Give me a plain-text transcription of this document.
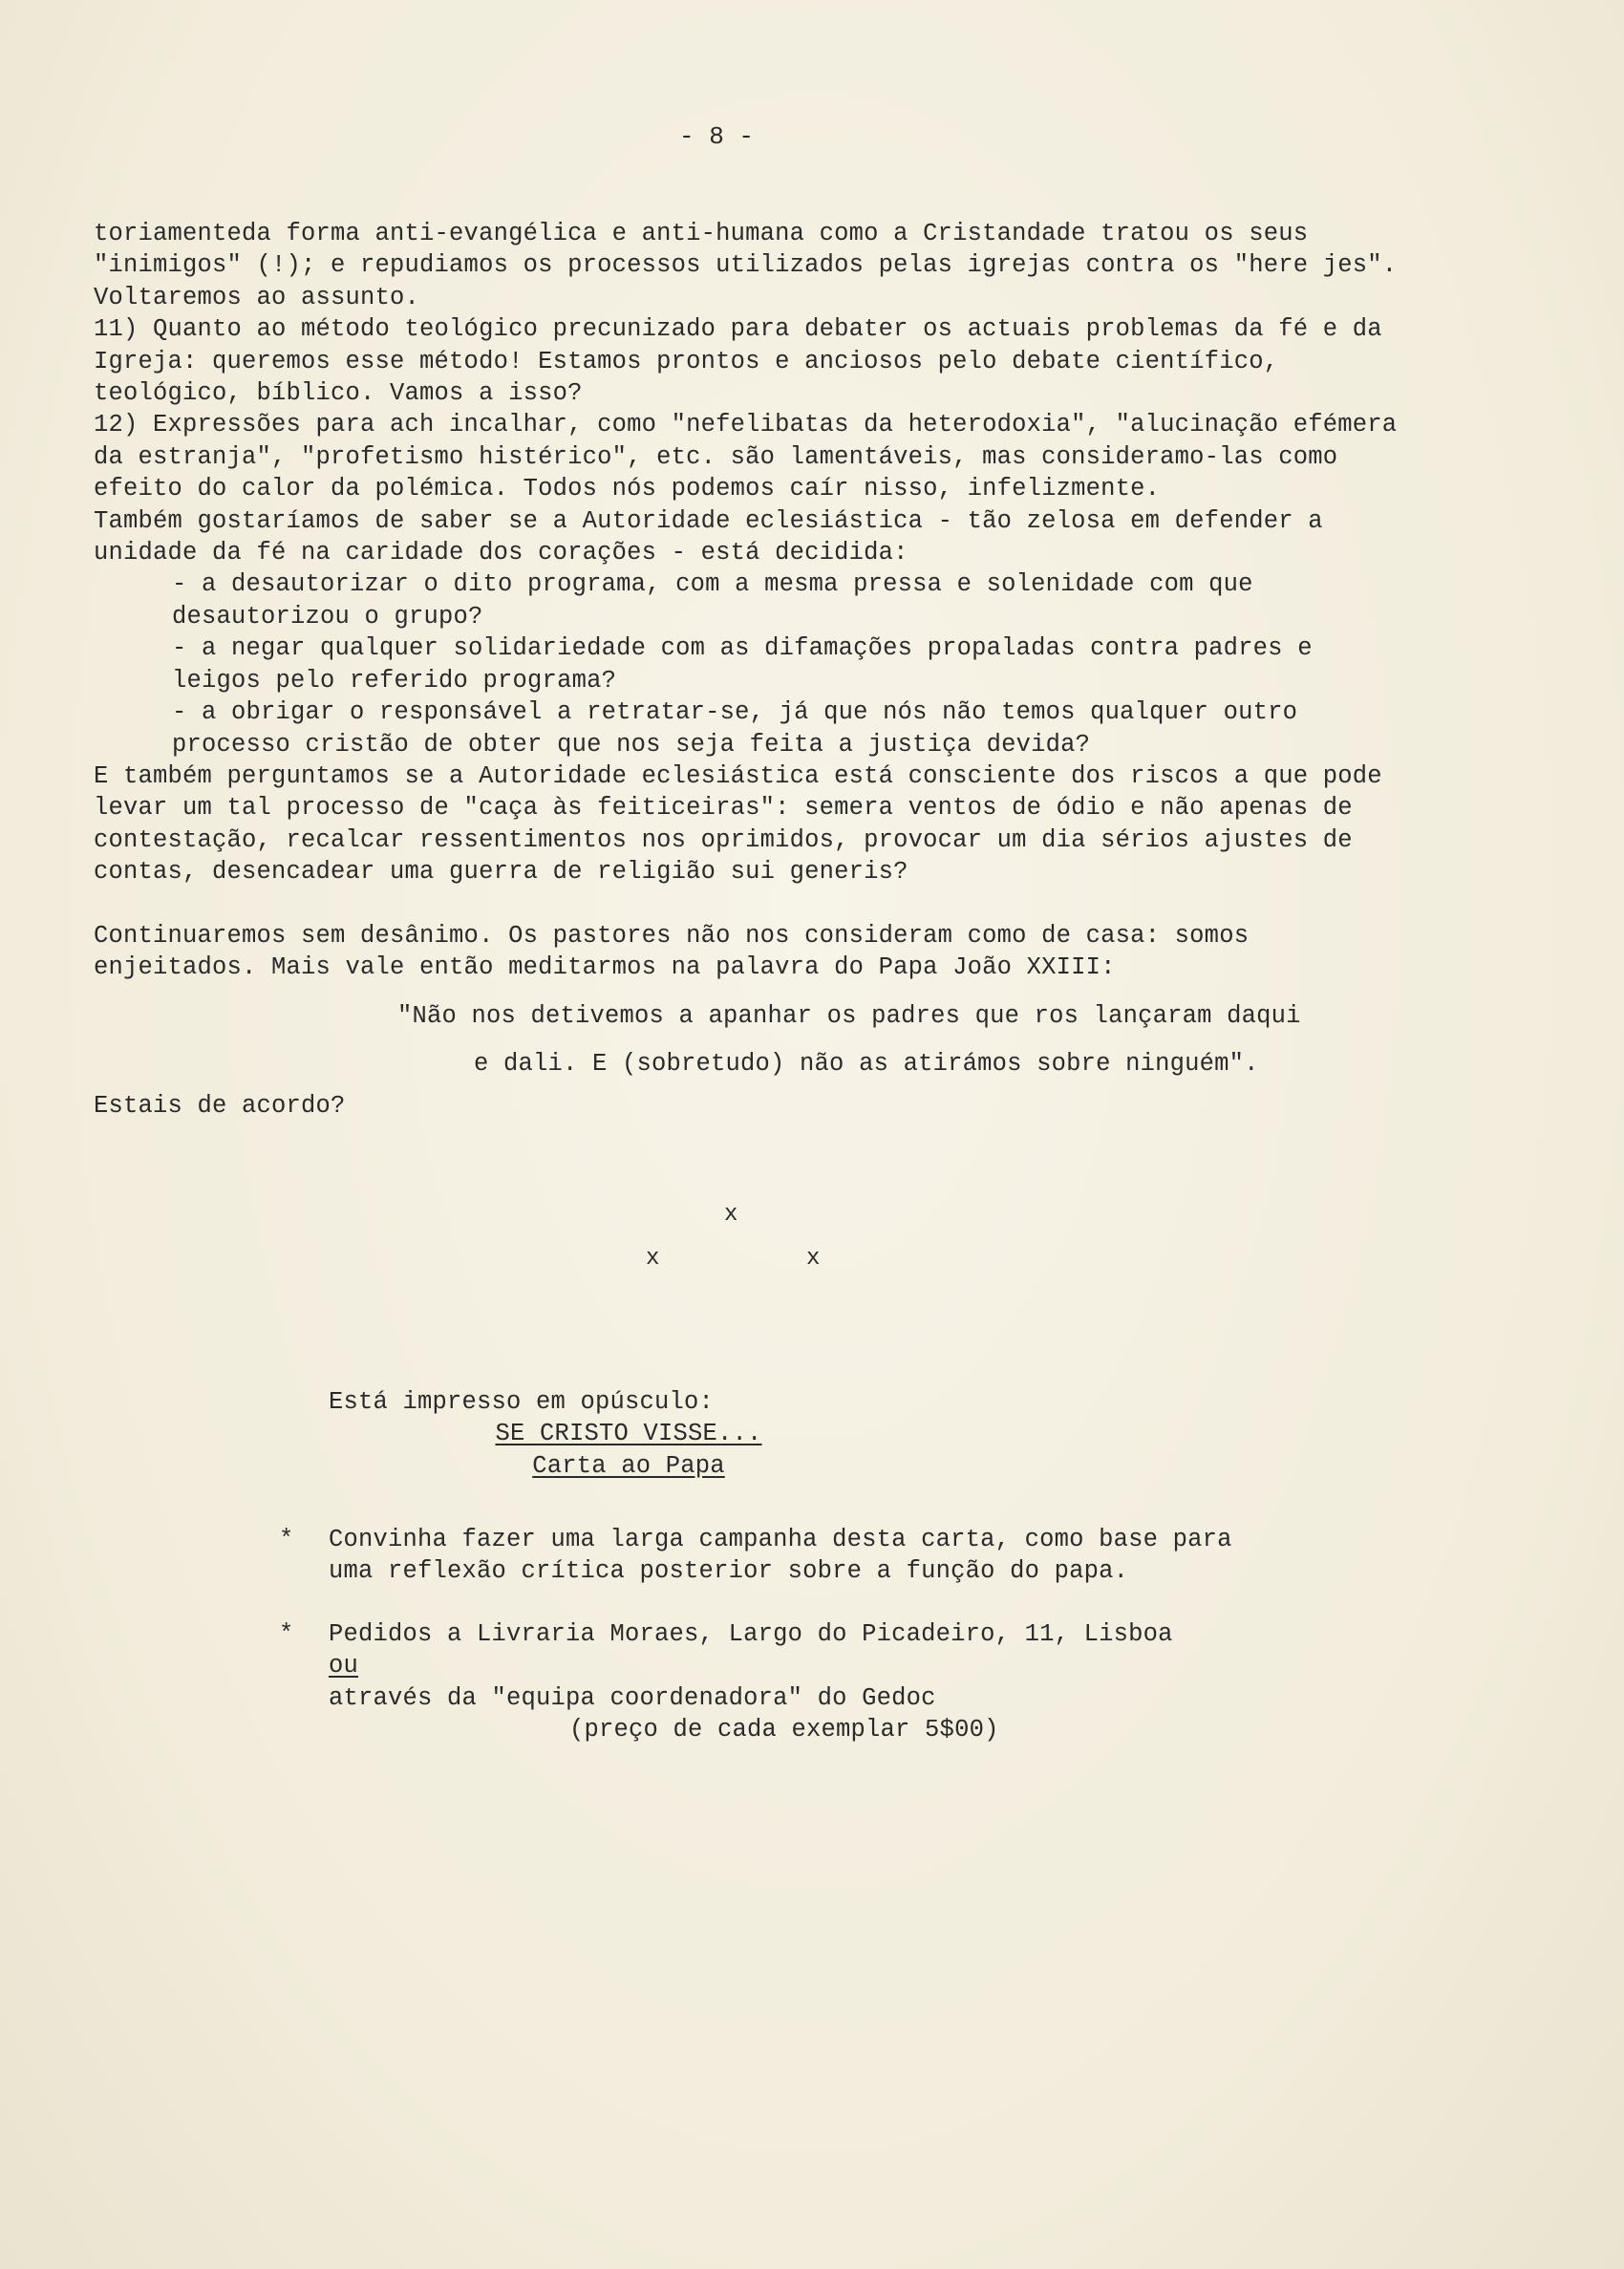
- 8 -

toriamenteda forma anti-evangélica e anti-humana como a Cristandade tratou os seus "inimigos" (!); e repudiamos os processos utilizados pelas igrejas contra os "here jes". Voltaremos ao assunto.

11) Quanto ao método teológico precunizado para debater os actuais problemas da fé e da Igreja: queremos esse método! Estamos prontos e anciosos pelo debate científico, teológico, bíblico. Vamos a isso?

12) Expressões para ach incalhar, como "nefelibatas da heterodoxia", "alucinação efémera da estranja", "profetismo histérico", etc. são lamentáveis, mas consideramo-las como efeito do calor da polémica. Todos nós podemos caír nisso, infelizmente.

Também gostaríamos de saber se a Autoridade eclesiástica - tão zelosa em defender a unidade da fé na caridade dos corações - está decidida:

- a desautorizar o dito programa, com a mesma pressa e solenidade com que desautorizou o grupo?

- a negar qualquer solidariedade com as difamações propaladas contra padres e leigos pelo referido programa?

- a obrigar o responsável a retratar-se, já que nós não temos qualquer outro processo cristão de obter que nos seja feita a justiça devida?

E também perguntamos se a Autoridade eclesiástica está consciente dos riscos a que pode levar um tal processo de "caça às feiticeiras": semera ventos de ódio e não apenas de contestação, recalcar ressentimentos nos oprimidos, provocar um dia sérios ajustes de contas, desencadear uma guerra de religião sui generis?

Continuaremos sem desânimo. Os pastores não nos consideram como de casa: somos enjeitados. Mais vale então meditarmos na palavra do Papa João XXIII:

"Não nos detivemos a apanhar os padres que ros lançaram daqui
e dali. E (sobretudo) não as atirámos sobre ninguém".

Estais de acordo?

x
x	x

Está impresso em opúsculo:

SE CRISTO VISSE...

Carta ao Papa

*	Convinha fazer uma larga campanha desta carta, como base para uma reflexão crítica posterior sobre a função do papa.
*	Pedidos a Livraria Moraes, Largo do Picadeiro, 11, Lisboa
ou
através da "equipa coordenadora" do Gedoc

(preço de cada exemplar 5$00)
